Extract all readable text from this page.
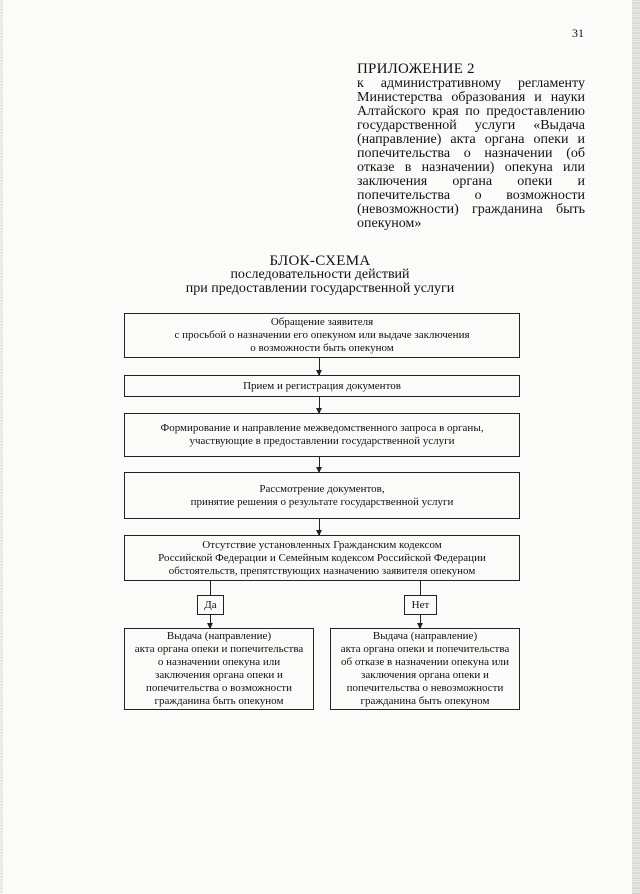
31
ПРИЛОЖЕНИЕ 2
к административному регламенту Министерства образования и науки Алтайского края по предоставлению государственной услуги «Выдача (направление) акта органа опеки и попечительства о назначении (об отказе в назначении) опекуна или заключения органа опеки и попечительства о возможности (невозможности) гражданина быть опекуном»
БЛОК-СХЕМА
последовательности действий
при предоставлении государственной услуги
Обращение заявителя
с просьбой о назначении его опекуном или выдаче заключения
о возможности быть опекуном
Прием и регистрация документов
Формирование и направление межведомственного запроса в органы,
участвующие в предоставлении государственной услуги
Рассмотрение документов,
принятие решения о результате государственной услуги
Отсутствие установленных Гражданским кодексом
Российской Федерации и Семейным кодексом Российской Федерации
обстоятельств, препятствующих назначению заявителя опекуном
Да	Нет
Выдача (направление)
акта органа опеки и попечительства
о назначении опекуна или
заключения органа опеки и
попечительства о возможности
гражданина быть опекуном
Выдача (направление)
акта органа опеки и попечительства
об отказе в назначении опекуна или
заключения органа опеки и
попечительства о невозможности
гражданина быть опекуном
